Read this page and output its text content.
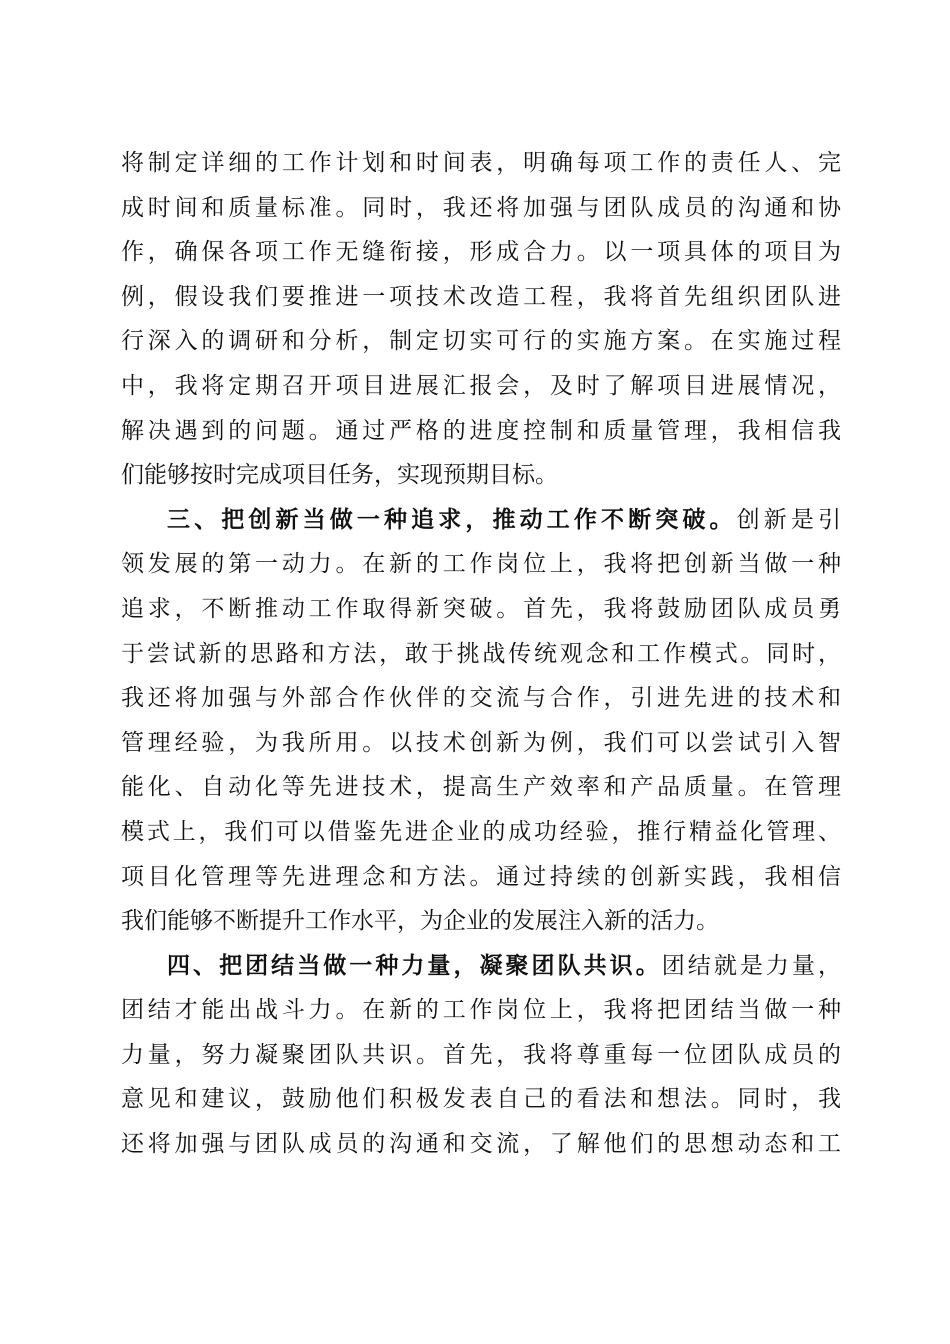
将制定详细的工作计划和时间表，明确每项工作的责任人、完
成时间和质量标准。同时，我还将加强与团队成员的沟通和协
作，确保各项工作无缝衔接，形成合力。以一项具体的项目为
例，假设我们要推进一项技术改造工程，我将首先组织团队进
行深入的调研和分析，制定切实可行的实施方案。在实施过程
中，我将定期召开项目进展汇报会，及时了解项目进展情况，
解决遇到的问题。通过严格的进度控制和质量管理，我相信我
们能够按时完成项目任务，实现预期目标。
三、把创新当做一种追求，推动工作不断突破。创新是引
领发展的第一动力。在新的工作岗位上，我将把创新当做一种
追求，不断推动工作取得新突破。首先，我将鼓励团队成员勇
于尝试新的思路和方法，敢于挑战传统观念和工作模式。同时，
我还将加强与外部合作伙伴的交流与合作，引进先进的技术和
管理经验，为我所用。以技术创新为例，我们可以尝试引入智
能化、自动化等先进技术，提高生产效率和产品质量。在管理
模式上，我们可以借鉴先进企业的成功经验，推行精益化管理、
项目化管理等先进理念和方法。通过持续的创新实践，我相信
我们能够不断提升工作水平，为企业的发展注入新的活力。
四、把团结当做一种力量，凝聚团队共识。团结就是力量，
团结才能出战斗力。在新的工作岗位上，我将把团结当做一种
力量，努力凝聚团队共识。首先，我将尊重每一位团队成员的
意见和建议，鼓励他们积极发表自己的看法和想法。同时，我
还将加强与团队成员的沟通和交流，了解他们的思想动态和工
